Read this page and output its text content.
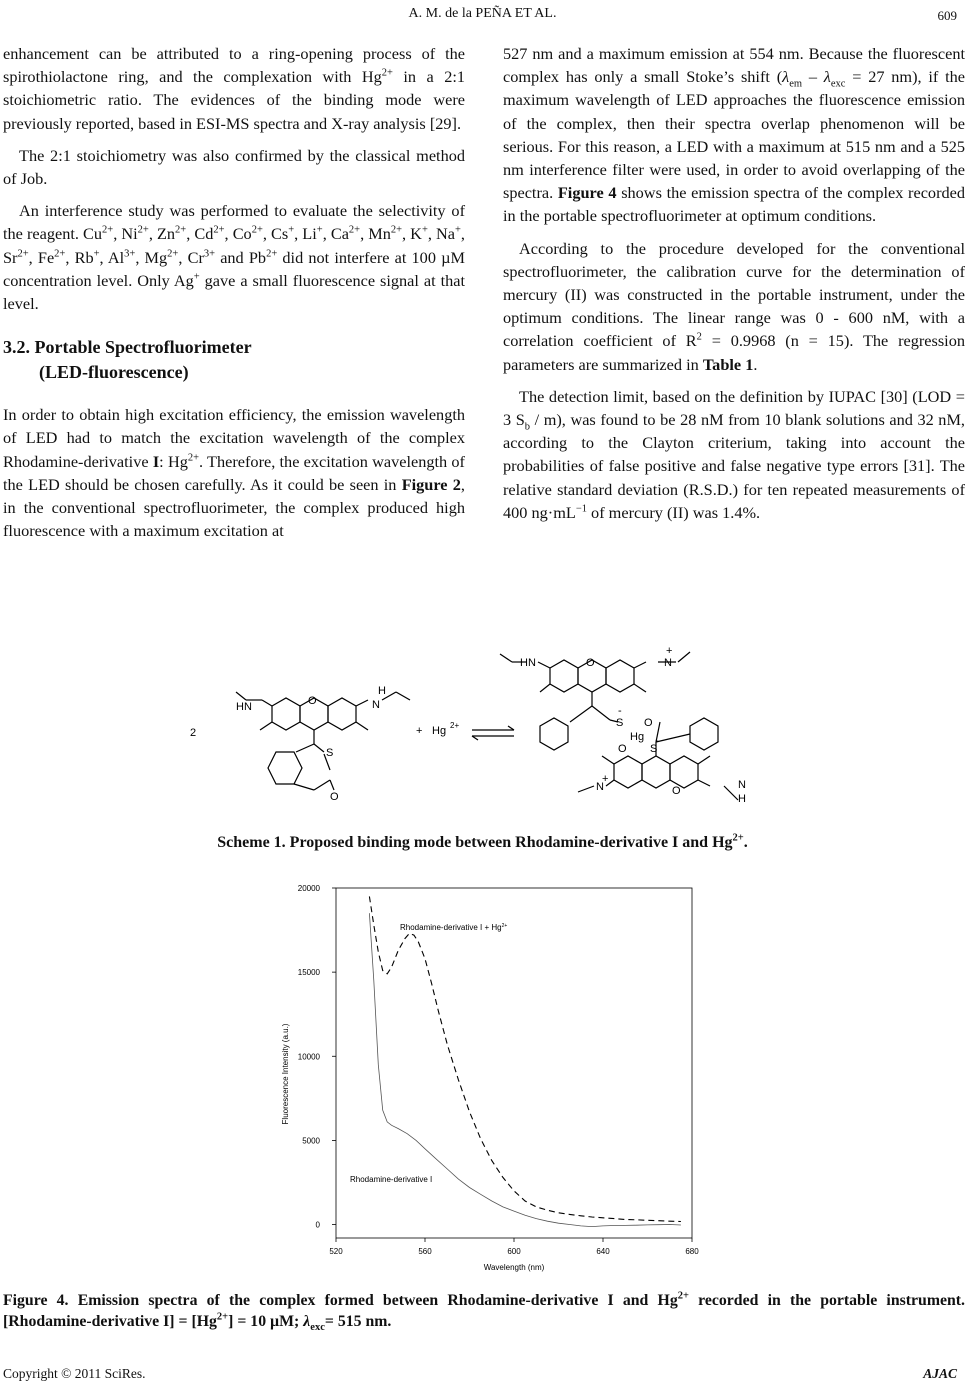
A. M. de la PEÑA ET AL.	609

enhancement can be attributed to a ring-opening process of the spirothiolactone ring, and the complexation with $Hg^{2+}$ in a 2:1 stoichiometric ratio. The evidences of the binding mode were previously reported, based in ESI-MS spectra and X-ray analysis [29].

The 2:1 stoichiometry was also confirmed by the classical method of Job.

An interference study was performed to evaluate the selectivity of the reagent. $Cu^{2+}$, $Ni^{2+}$, $Zn^{2+}$, $Cd^{2+}$, $Co^{2+}$, Cs+, Li+, $Ca^{2+}$, $Mn^{2+}$, K+, Na+, $Sr^{2+}$, $Fe^{2+}$, Rb+, $Al^{3+}$, $Mg^{2+}$, $Cr^{3+}$ and $Pb^{2+}$ did not interfere at 100 µM concentration level. Only Ag+ gave a small fluorescence signal at that level.

3.2. Portable Spectrofluorimeter
(LED-fluorescence)

In order to obtain high excitation efficiency, the emission wavelength of LED had to match the excitation wavelength of the complex Rhodamine-derivative I: $Hg^{2+}$. Therefore, the excitation wavelength of the LED should be chosen carefully. As it could be seen in Figure 2, in the conventional spectrofluorimeter, the complex produced high fluorescence with a maximum excitation at

527 nm and a maximum emission at 554 nm. Because the fluorescent complex has only a small Stoke’s shift ($\lambda_{em} - \lambda_{exc} = 27$ nm), if the maximum wavelength of LED approaches the fluorescence emission of the complex, then their spectra overlap phenomenon will be serious. For this reason, a LED with a maximum at 515 nm and a 525 nm interference filter were used, in order to avoid overlapping of the spectra. Figure 4 shows the emission spectra of the complex recorded in the portable spectrofluorimeter at optimum conditions.

According to the procedure developed for the conventional spectrofluorimeter, the calibration curve for the determination of mercury (II) was constructed in the portable instrument, under the optimum conditions. The linear range was 0 - 600 nM, with a correlation coefficient of $R^2 = 0.9968$ (n = 15). The regression parameters are summarized in Table 1.

The detection limit, based on the definition by IUPAC [30] (LOD = 3 $S_b / m$), was found to be 28 nM from 10 blank solutions and 32 nM, according to the Clayton criterium, taking into account the probabilities of false positive and false negative type errors [31]. The relative standard deviation (R.S.D.) for ten repeated measurements of 400 $ng\cdot mL^{-1}$ of mercury (II) was 1.4%.

2
HN	O
H
N
S
O
+ Hg 2+
HN	O	N
+
S
-
O
Hg
O S
-
N
+
O	N
H
Scheme 1. Proposed binding mode between Rhodamine-derivative I and $Hg^{2+}$.
520	560	600	640	680
0
5000
10000
15000
20000
Fluorescence Intensity (a.u.)
Wavelength (nm)
Rhodamine-derivative $I + Hg^{2+}$
Rhodamine-derivative I
Figure 4. Emission spectra of the complex formed between Rhodamine-derivative I and $Hg^{2+}$ recorded in the portable instrument. [Rhodamine-derivative $I] = [Hg^{2+}] = 10$ µM; $\lambda_{exc}= 515$ nm.
Copyright © 2011 SciRes.	AJAC
